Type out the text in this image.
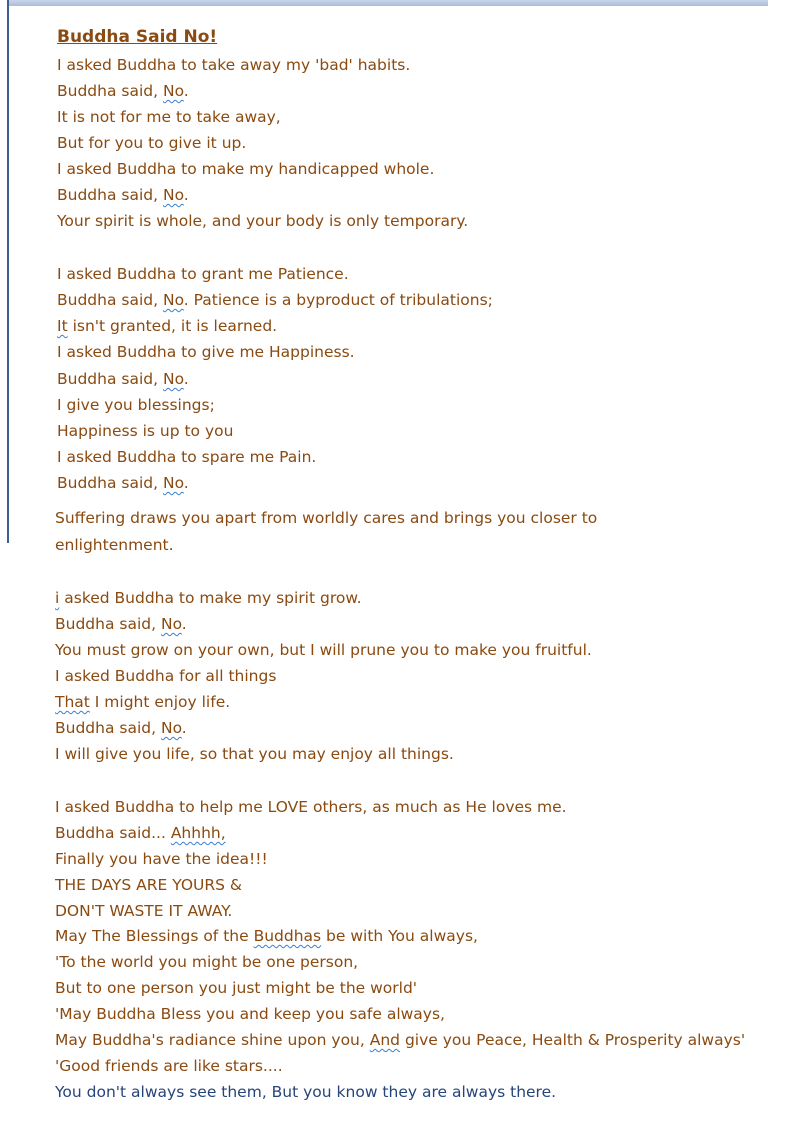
Buddha Said No!
I asked Buddha to take away my 'bad' habits.
Buddha said, No.
It is not for me to take away,
But for you to give it up.
I asked Buddha to make my handicapped whole.
Buddha said, No.
Your spirit is whole, and your body is only temporary.
I asked Buddha to grant me Patience.
Buddha said, No. Patience is a byproduct of tribulations;
It isn't granted, it is learned.
I asked Buddha to give me Happiness.
Buddha said, No.
I give you blessings;
Happiness is up to you
I asked Buddha to spare me Pain.
Buddha said, No.
Suffering draws you apart from worldly cares and brings you closer to
enlightenment.
i asked Buddha to make my spirit grow.
Buddha said, No.
You must grow on your own, but I will prune you to make you fruitful.
I asked Buddha for all things
That I might enjoy life.
Buddha said, No.
I will give you life, so that you may enjoy all things.
I asked Buddha to help me LOVE others, as much as He loves me.
Buddha said... Ahhhh,
Finally you have the idea!!!
THE DAYS ARE YOURS &
DON'T WASTE IT AWAY.
May The Blessings of the Buddhas be with You always,
'To the world you might be one person,
But to one person you just might be the world'
'May Buddha Bless you and keep you safe always,
May Buddha's radiance shine upon you, And give you Peace, Health & Prosperity always'
'Good friends are like stars....
You don't always see them, But you know they are always there.
